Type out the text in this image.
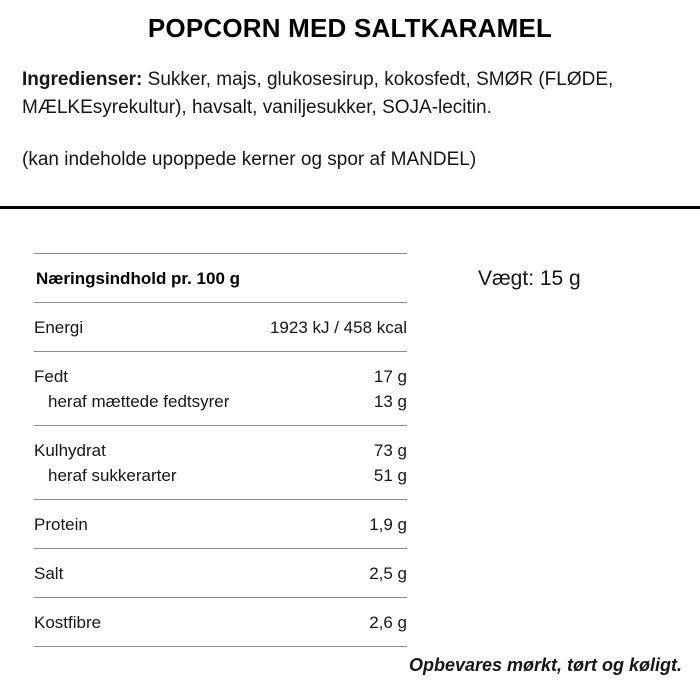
POPCORN MED SALTKARAMEL
Ingredienser: Sukker, majs, glukosesirup, kokosfedt, SMØR (FLØDE, MÆLKEsyrekultur), havsalt, vaniljesukker, SOJA-lecitin.
(kan indeholde upoppede kerner og spor af MANDEL)
Næringsindhold pr. 100 g
Energi	1923 kJ / 458 kcal
Fedt	17 g
heraf mættede fedtsyrer	13 g
Kulhydrat	73 g
heraf sukkerarter	51 g
Protein	1,9 g
Salt	2,5 g
Kostfibre	2,6 g
Vægt: 15 g
Opbevares mørkt, tørt og køligt.
